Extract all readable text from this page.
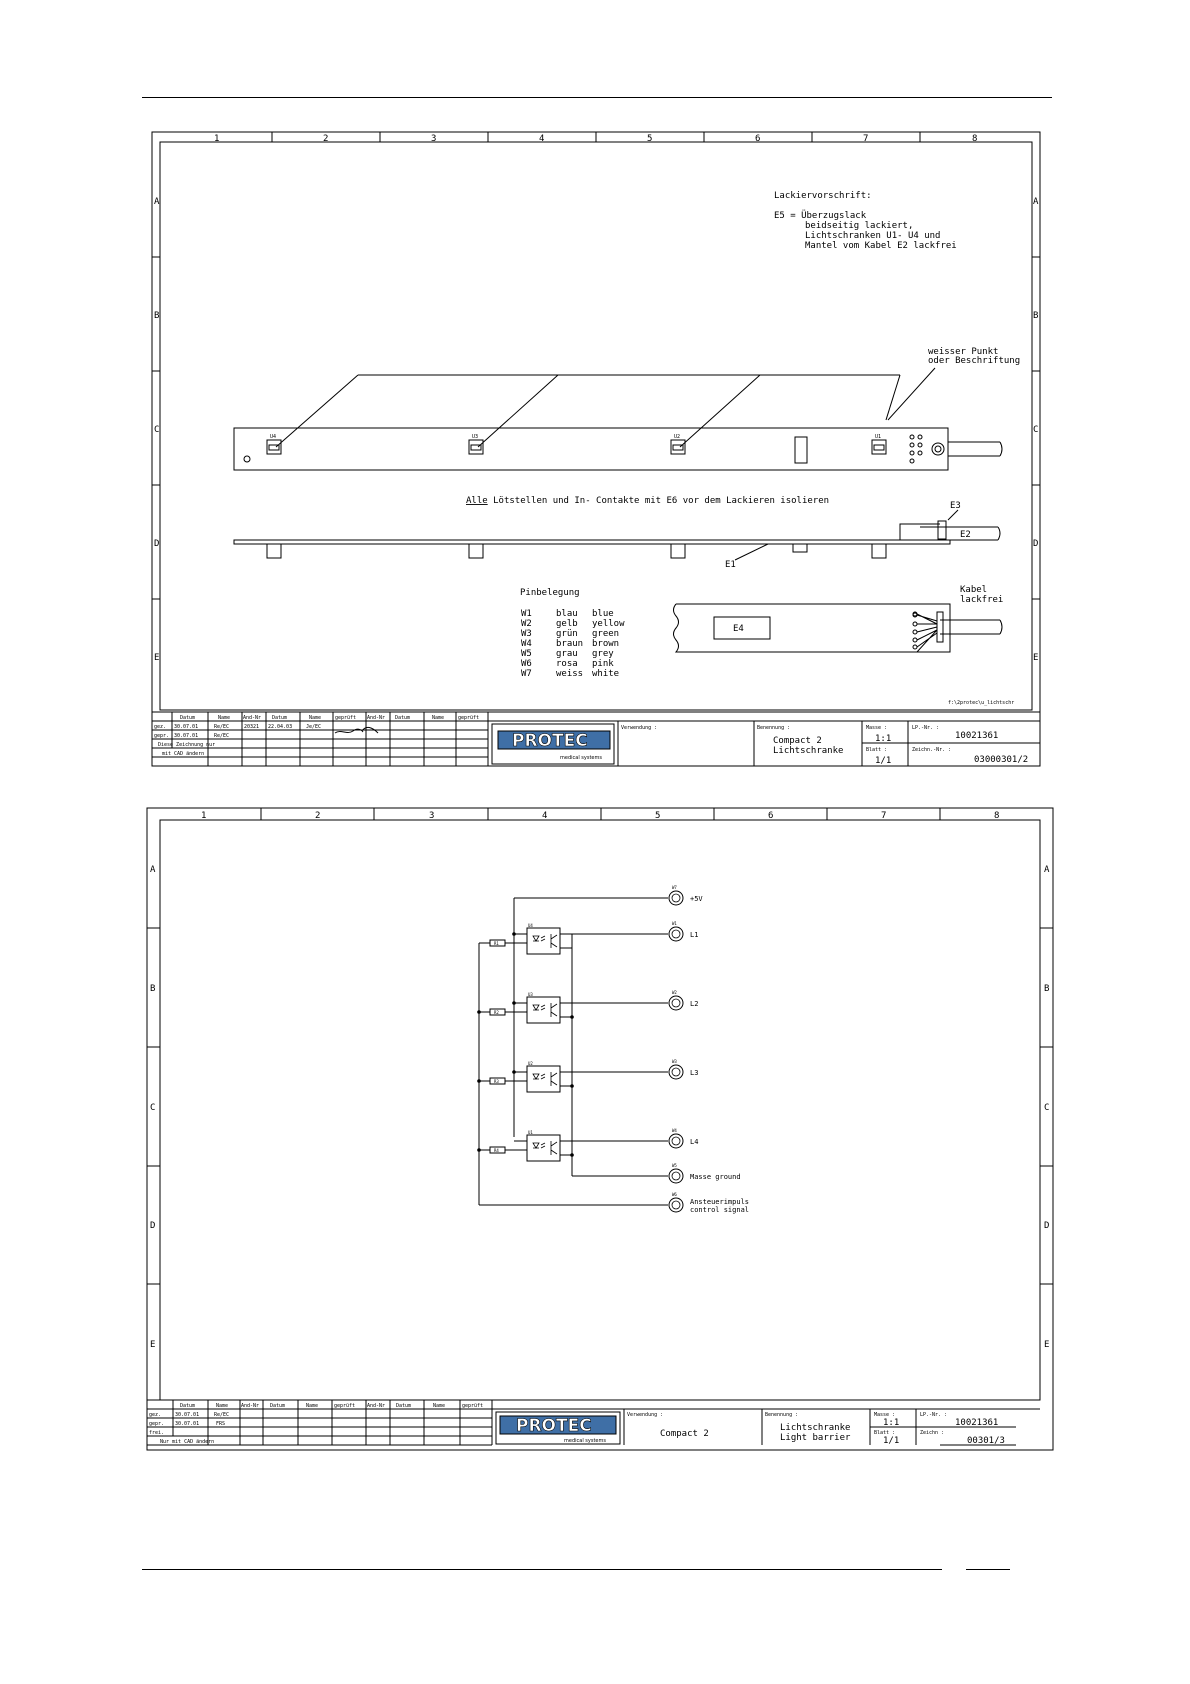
1	2	3	4	5	6	7	8
A
B
C
D
E
A
B
C
D
E
Lackiervorschrift:
E5 = Überzugslack
beidseitig lackiert,
Lichtschranken U1- U4 und
Mantel vom Kabel E2 lackfrei
weisser Punkt
oder Beschriftung
U4	U3	U2	U1
Alle Lötstellen und In- Contakte mit E6 vor dem Lackieren isolieren	E3
E2
E1
Pinbelegung
W1	blau blue
W2	gelb yellow
W3	grün green
W4	braun brown
W5	grau grey
W6	rosa pink
W7	weiss white
Kabel
lackfrei
E4
f:\2protec\u_lichtschr
Datum	Name	And-Nr Datum	Name	geprüft And-Nr Datum	Name	geprüft
gez. 30.07.01	Re/EC	20321 22.04.03	Je/EC
gepr. 30.07.01	Re/EC
Diese Zeichnung nur
mit CAD ändern
PROTEC
medical systems
Verwendung :	Benennung :	Masse :
Blatt :
LP.-Nr. :
Zeichn.-Nr. :
Compact 2
Lichtschranke
1:1
1/1
10021361
03000301/2
1	2	3	4	5	6	7	8
A
B
C
D
E
A
B
C
D
E
R1
R2
R3
R4
U4
U3
U2
U1
W7
W1
W2
W3
W4
W5
W6
+5V
L1
L2
L3
L4
Masse ground
Ansteuerimpuls
control signal
Datum	Name	And-Nr Datum	Name	geprüft And-Nr Datum	Name	geprüft
gez.	30.07.01	Re/EC
gepr. 30.07.01	FRS
frei.
Nur mit CAD ändern
PROTEC
medical systems
Verwendung :	Benennung :	Masse :
Blatt :
LP.-Nr. :
Zeichn :
Compact 2
Lichtschranke
Light barrier
1:1
1/1
10021361
00301/3
